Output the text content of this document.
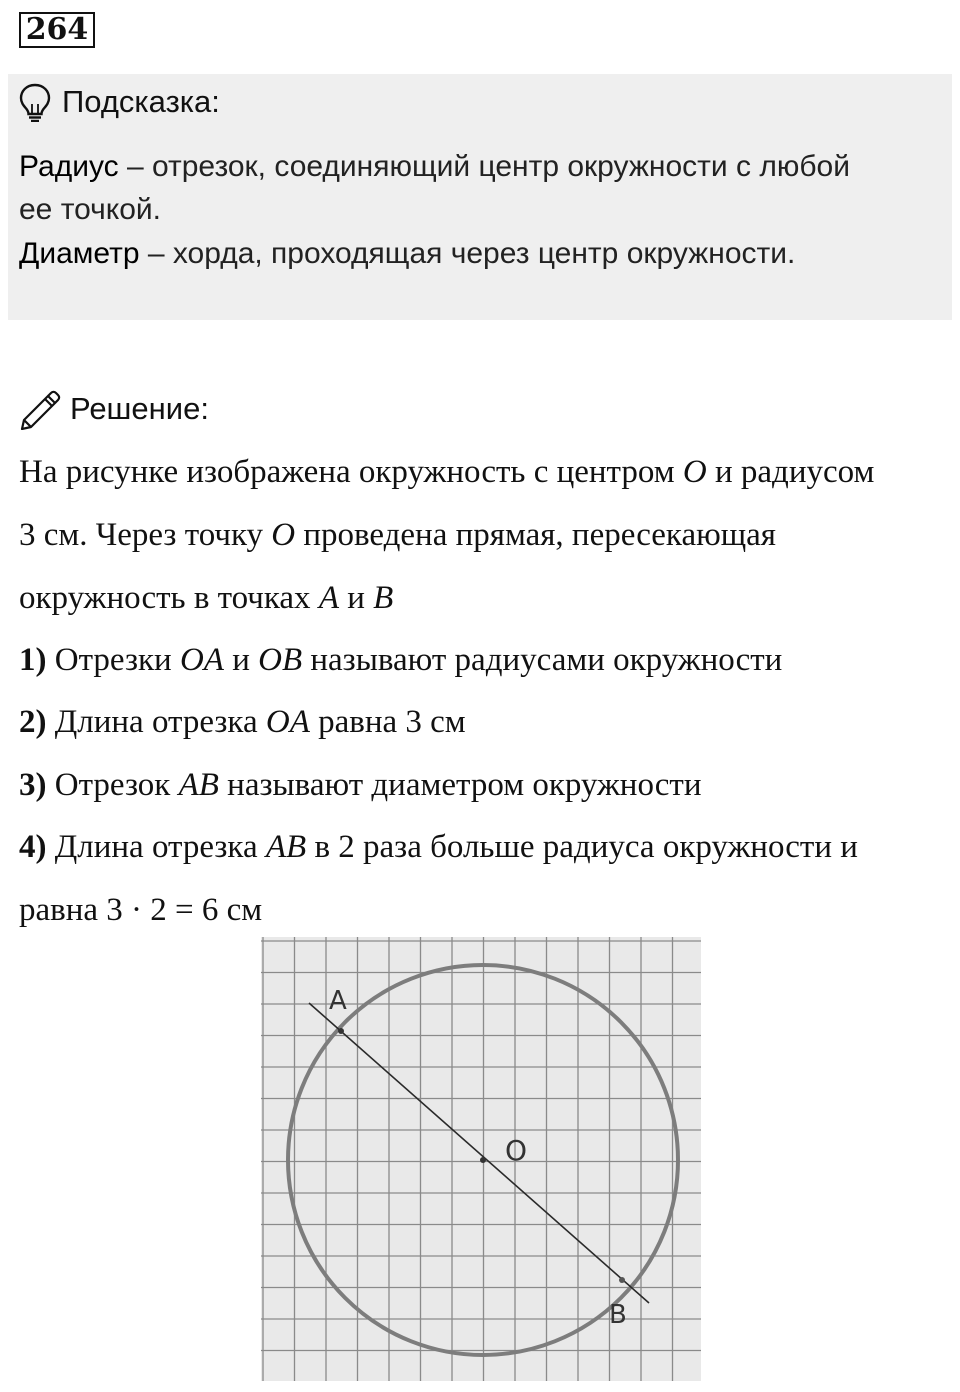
264
Подсказка:
Радиус – отрезок, соединяющий центр окружности с любой
ее точкой.
Диаметр – хорда, проходящая через центр окружности.
Решение:
На рисунке изображена окружность с центром O и радиусом
3 см. Через точку O проведена прямая, пересекающая
окружность в точках A и B
1) Отрезки OA и OB называют радиусами окружности
2) Длина отрезка OA равна 3 см
3) Отрезок AB называют диаметром окружности
4) Длина отрезка AB в 2 раза больше радиуса окружности и
равна 3 · 2 = 6 см
A
O
B
